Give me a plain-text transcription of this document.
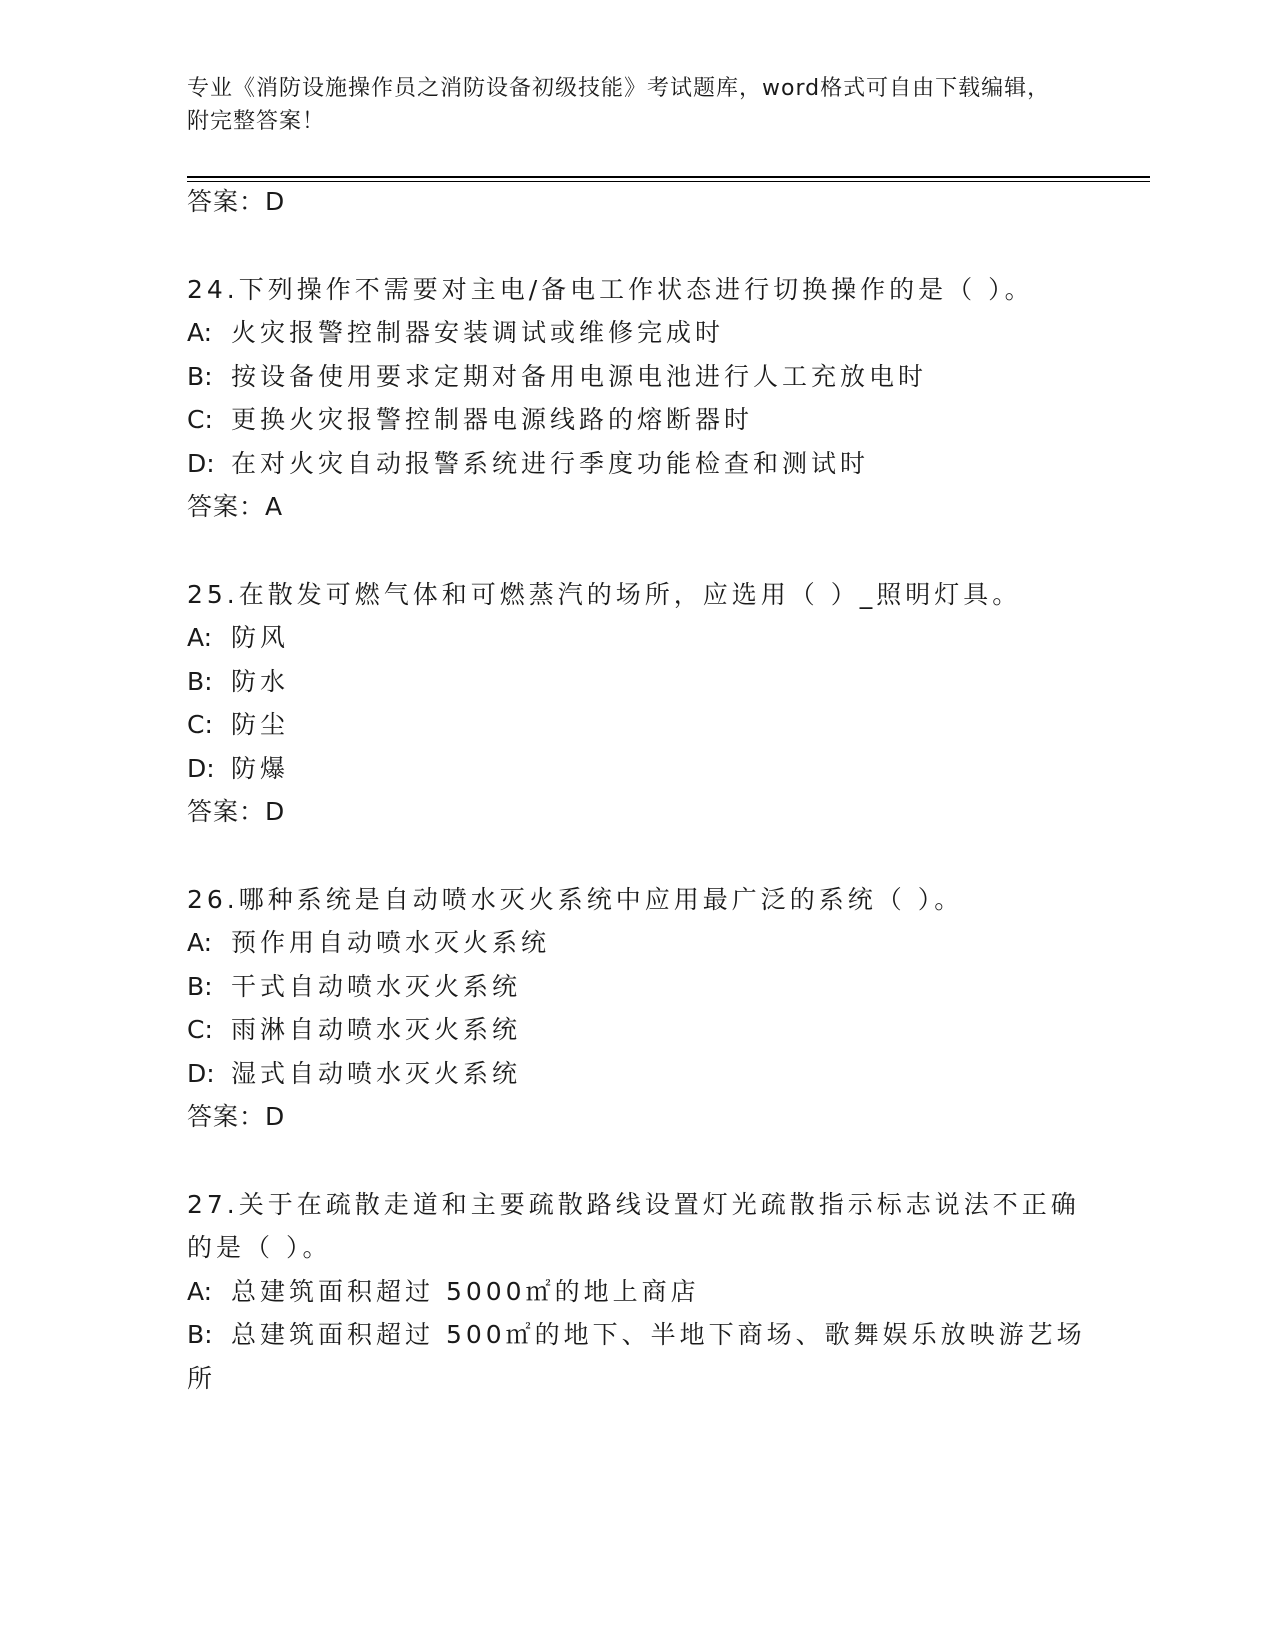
专业《消防设施操作员之消防设备初级技能》考试题库，word格式可自由下载编辑，附完整答案！
答案：D
24.下列操作不需要对主电/备电工作状态进行切换操作的是（ ）。
A: 火灾报警控制器安装调试或维修完成时
B: 按设备使用要求定期对备用电源电池进行人工充放电时
C: 更换火灾报警控制器电源线路的熔断器时
D: 在对火灾自动报警系统进行季度功能检查和测试时
答案：A
25.在散发可燃气体和可燃蒸汽的场所，应选用（ ）_照明灯具。
A: 防风
B: 防水
C: 防尘
D: 防爆
答案：D
26.哪种系统是自动喷水灭火系统中应用最广泛的系统（ ）。
A: 预作用自动喷水灭火系统
B: 干式自动喷水灭火系统
C: 雨淋自动喷水灭火系统
D: 湿式自动喷水灭火系统
答案：D
27.关于在疏散走道和主要疏散路线设置灯光疏散指示标志说法不正确
的是（ ）。
A: 总建筑面积超过 5000㎡的地上商店
B: 总建筑面积超过 500㎡的地下、半地下商场、歌舞娱乐放映游艺场
所
